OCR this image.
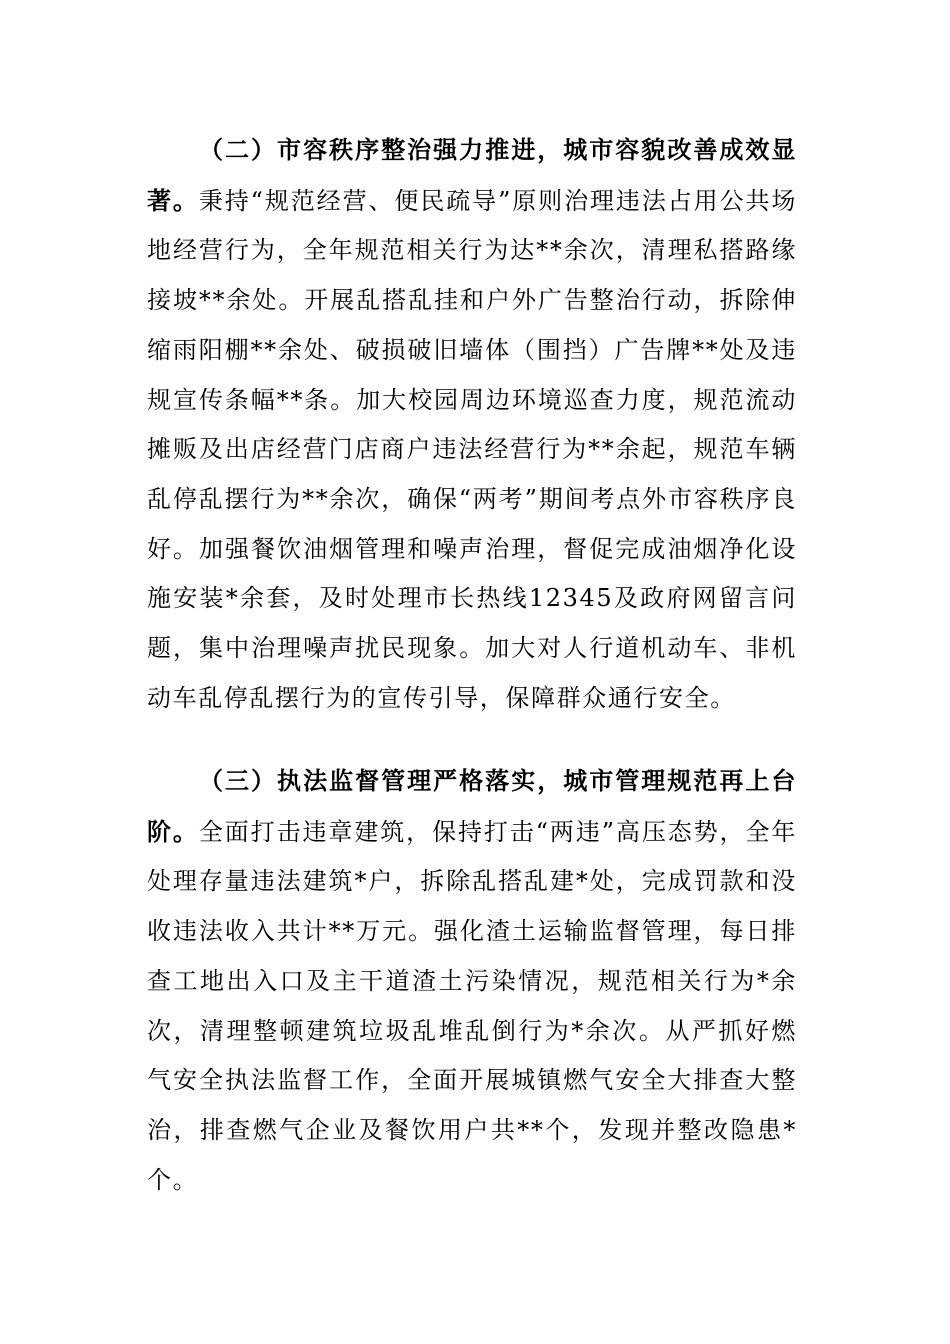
（二）市容秩序整治强力推进，城市容貌改善成效显著。秉持“规范经营、便民疏导”原则治理违法占用公共场地经营行为，全年规范相关行为达**余次，清理私搭路缘接坡**余处。开展乱搭乱挂和户外广告整治行动，拆除伸缩雨阳棚**余处、破损破旧墙体（围挡）广告牌**处及违规宣传条幅**条。加大校园周边环境巡查力度，规范流动摊贩及出店经营门店商户违法经营行为**余起，规范车辆乱停乱摆行为**余次，确保“两考”期间考点外市容秩序良好。加强餐饮油烟管理和噪声治理，督促完成油烟净化设施安装*余套，及时处理市长热线12345及政府网留言问题，集中治理噪声扰民现象。加大对人行道机动车、非机动车乱停乱摆行为的宣传引导，保障群众通行安全。

（三）执法监督管理严格落实，城市管理规范再上台阶。全面打击违章建筑，保持打击“两违”高压态势，全年处理存量违法建筑*户，拆除乱搭乱建*处，完成罚款和没收违法收入共计**万元。强化渣土运输监督管理，每日排查工地出入口及主干道渣土污染情况，规范相关行为*余次，清理整顿建筑垃圾乱堆乱倒行为*余次。从严抓好燃气安全执法监督工作，全面开展城镇燃气安全大排查大整治，排查燃气企业及餐饮用户共**个，发现并整改隐患*个。
